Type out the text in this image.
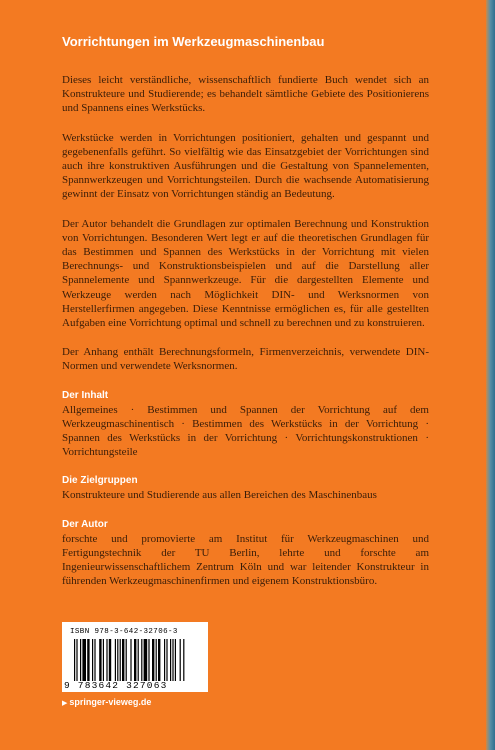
Vorrichtungen im Werkzeugmaschinenbau

Dieses leicht verständliche, wissenschaftlich fundierte Buch wendet sich an Konstrukteure und Studierende; es behandelt sämtliche Gebiete des Positionierens und Spannens eines Werkstücks.

Werkstücke werden in Vorrichtungen positioniert, gehalten und gespannt und gegebenenfalls geführt. So vielfältig wie das Einsatzgebiet der Vorrichtungen sind auch ihre konstruktiven Ausführungen und die Gestaltung von Spannelementen, Spannwerkzeugen und Vorrichtungsteilen. Durch die wachsende Automatisierung gewinnt der Einsatz von Vorrichtungen ständig an Bedeutung.

Der Autor behandelt die Grundlagen zur optimalen Berechnung und Konstruktion von Vorrichtungen. Besonderen Wert legt er auf die theoretischen Grundlagen für das Bestimmen und Spannen des Werkstücks in der Vorrichtung mit vielen Berechnungs- und Konstruktionsbeispielen und auf die Darstellung aller Spannelemente und Spannwerkzeuge. Für die dargestellten Elemente und Werkzeuge werden nach Möglichkeit DIN- und Werksnormen von Herstellerfirmen angegeben. Diese Kenntnisse ermöglichen es, für alle gestellten Aufgaben eine Vorrichtung optimal und schnell zu berechnen und zu konstruieren.

Der Anhang enthält Berechnungsformeln, Firmenverzeichnis, verwendete DIN-Normen und verwendete Werksnormen.

Der Inhalt

Allgemeines · Bestimmen und Spannen der Vorrichtung auf dem Werkzeugmaschinentisch · Bestimmen des Werkstücks in der Vorrichtung · Spannen des Werkstücks in der Vorrichtung · Vorrichtungskonstruktionen · Vorrichtungsteile

Die Zielgruppen

Konstrukteure und Studierende aus allen Bereichen des Maschinenbaus

Der Autor

forschte und promovierte am Institut für Werkzeugmaschinen und Fertigungstechnik der TU Berlin, lehrte und forschte am Ingenieurwissenschaftlichem Zentrum Köln und war leitender Konstrukteur in führenden Werkzeugmaschinenfirmen und eigenem Konstruktionsbüro.

ISBN 978-3-642-32706-3
9 783642 327063
▶ springer-vieweg.de
